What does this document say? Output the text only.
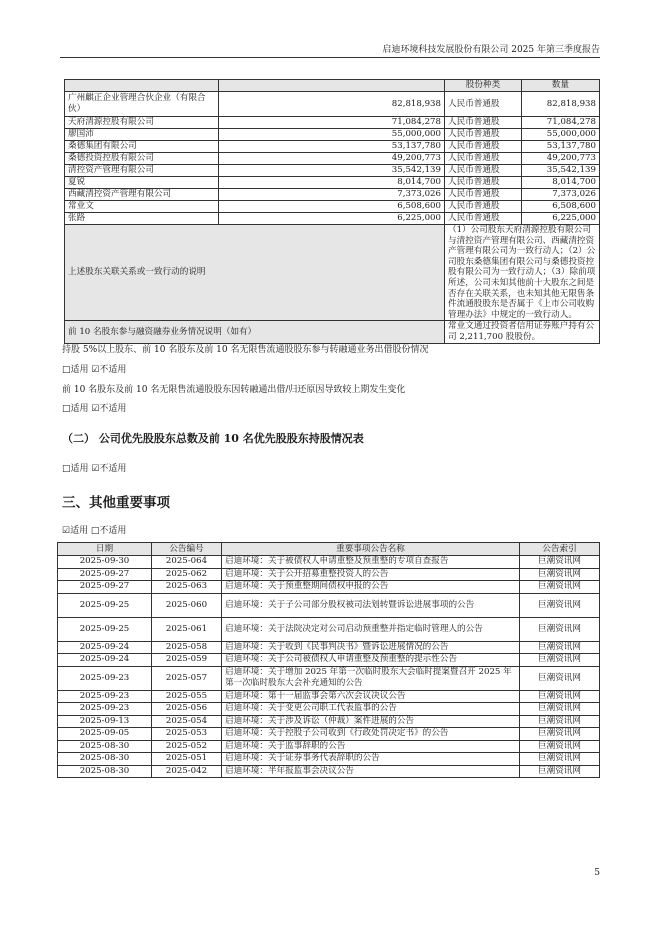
启迪环境科技发展股份有限公司 2025 年第三季度报告
		股份种类	数量
广州麒正企业管理合伙企业（有限合伙）	82,818,938	人民币普通股	82,818,938
天府清源控股有限公司	71,084,278	人民币普通股	71,084,278
廖国沛	55,000,000	人民币普通股	55,000,000
桑德集团有限公司	53,137,780	人民币普通股	53,137,780
桑德投资控股有限公司	49,200,773	人民币普通股	49,200,773
清控资产管理有限公司	35,542,139	人民币普通股	35,542,139
夏锐	8,014,700	人民币普通股	8,014,700
西藏清控资产管理有限公司	7,373,026	人民币普通股	7,373,026
常业文	6,508,600	人民币普通股	6,508,600
张路	6,225,000	人民币普通股	6,225,000
上述股东关联关系或一致行动的说明		（1）公司股东天府清源控股有限公司与清控资产管理有限公司、西藏清控资产管理有限公司为一致行动人；（2）公司股东桑德集团有限公司与桑德投资控股有限公司为一致行动人；（3）除前项所述，公司未知其他前十大股东之间是否存在关联关系，也未知其他无限售条件流通股股东是否属于《上市公司收购管理办法》中规定的一致行动人。	
前 10 名股东参与融资融券业务情况说明（如有）		常业文通过投资者信用证券账户持有公司 2,211,700 股股份。	
持股 5%以上股东、前 10 名股东及前 10 名无限售流通股股东参与转融通业务出借股份情况
□适用 ☑不适用
前 10 名股东及前 10 名无限售流通股股东因转融通出借/归还原因导致较上期发生变化
□适用 ☑不适用
（二） 公司优先股股东总数及前 10 名优先股股东持股情况表
□适用 ☑不适用
三、其他重要事项
☑适用 □不适用
日期	公告编号	重要事项公告名称	公告索引
2025-09-30	2025-064	启迪环境：关于被债权人申请重整及预重整的专项自查报告	巨潮资讯网
2025-09-27	2025-062	启迪环境：关于公开招募重整投资人的公告	巨潮资讯网
2025-09-27	2025-063	启迪环境：关于预重整期间债权申报的公告	巨潮资讯网
2025-09-25	2025-060	启迪环境：关于子公司部分股权被司法划转暨诉讼进展事项的公告	巨潮资讯网
2025-09-25	2025-061	启迪环境：关于法院决定对公司启动预重整并指定临时管理人的公告	巨潮资讯网
2025-09-24	2025-058	启迪环境：关于收到《民事判决书》暨诉讼进展情况的公告	巨潮资讯网
2025-09-24	2025-059	启迪环境：关于公司被债权人申请重整及预重整的提示性公告	巨潮资讯网
2025-09-23	2025-057	启迪环境：关于增加 2025 年第一次临时股东大会临时提案暨召开 2025 年第一次临时股东大会补充通知的公告	巨潮资讯网
2025-09-23	2025-055	启迪环境：第十一届监事会第六次会议决议公告	巨潮资讯网
2025-09-23	2025-056	启迪环境：关于变更公司职工代表监事的公告	巨潮资讯网
2025-09-13	2025-054	启迪环境：关于涉及诉讼（仲裁）案件进展的公告	巨潮资讯网
2025-09-05	2025-053	启迪环境：关于控股子公司收到《行政处罚决定书》的公告	巨潮资讯网
2025-08-30	2025-052	启迪环境：关于监事辞职的公告	巨潮资讯网
2025-08-30	2025-051	启迪环境：关于证券事务代表辞职的公告	巨潮资讯网
2025-08-30	2025-042	启迪环境：半年报监事会决议公告	巨潮资讯网
5
